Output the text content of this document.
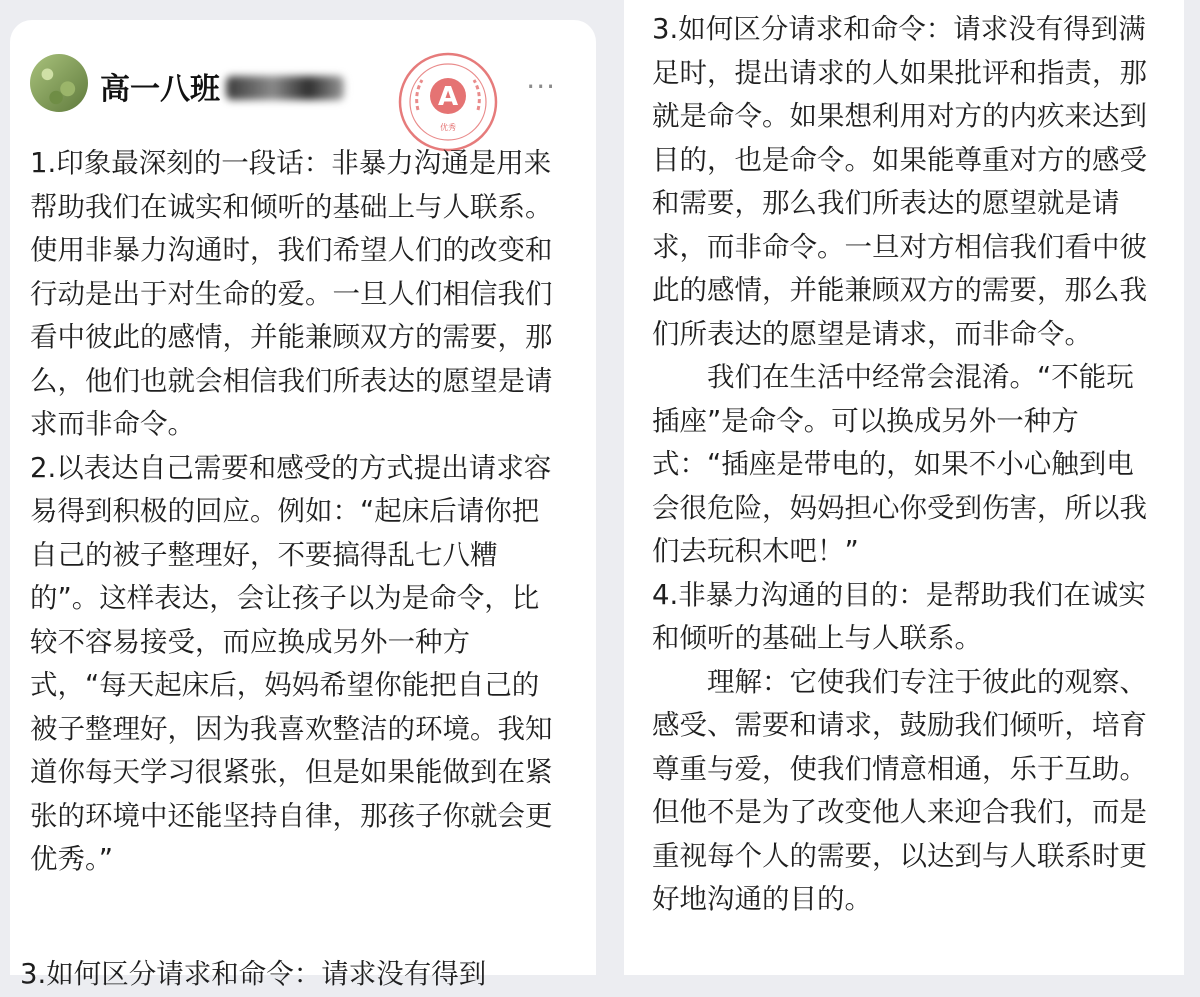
高一八班	···
A
优秀

1.印象最深刻的一段话：非暴力沟通是用来帮助我们在诚实和倾听的基础上与人联系。使用非暴力沟通时，我们希望人们的改变和行动是出于对生命的爱。一旦人们相信我们看中彼此的感情，并能兼顾双方的需要，那么，他们也就会相信我们所表达的愿望是请求而非命令。

2.以表达自己需要和感受的方式提出请求容易得到积极的回应。例如：“起床后请你把自己的被子整理好，不要搞得乱七八糟的”。这样表达，会让孩子以为是命令，比较不容易接受，而应换成另外一种方式，“每天起床后，妈妈希望你能把自己的被子整理好，因为我喜欢整洁的环境。我知道你每天学习很紧张，但是如果能做到在紧张的环境中还能坚持自律，那孩子你就会更优秀。”

3.如何区分请求和命令：请求没有得到

3.如何区分请求和命令：请求没有得到满足时，提出请求的人如果批评和指责，那就是命令。如果想利用对方的内疚来达到目的，也是命令。如果能尊重对方的感受和需要，那么我们所表达的愿望就是请求，而非命令。一旦对方相信我们看中彼此的感情，并能兼顾双方的需要，那么我们所表达的愿望是请求，而非命令。

我们在生活中经常会混淆。“不能玩插座”是命令。可以换成另外一种方式：“插座是带电的，如果不小心触到电会很危险，妈妈担心你受到伤害，所以我们去玩积木吧！”

4.非暴力沟通的目的：是帮助我们在诚实和倾听的基础上与人联系。

理解：它使我们专注于彼此的观察、感受、需要和请求，鼓励我们倾听，培育尊重与爱，使我们情意相通，乐于互助。但他不是为了改变他人来迎合我们，而是重视每个人的需要，以达到与人联系时更好地沟通的目的。
